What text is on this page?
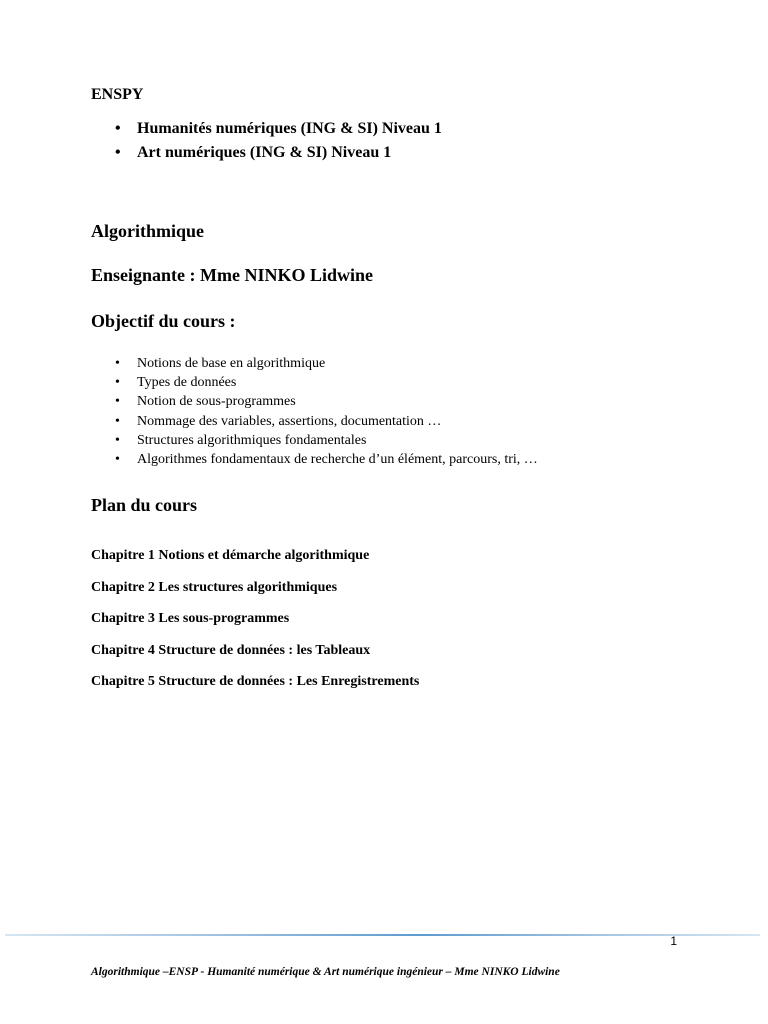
ENSPY

• Humanités numériques (ING & SI) Niveau 1
• Art numériques (ING & SI) Niveau 1
Algorithmique
Enseignante : Mme NINKO Lidwine
Objectif du cours :
• Notions de base en algorithmique
• Types de données
• Notion de sous-programmes
• Nommage des variables, assertions, documentation …
• Structures algorithmiques fondamentales
• Algorithmes fondamentaux de recherche d’un élément, parcours, tri, …
Plan du cours
Chapitre 1 Notions et démarche algorithmique
Chapitre 2 Les structures algorithmiques
Chapitre 3 Les sous-programmes
Chapitre 4 Structure de données : les Tableaux
Chapitre 5 Structure de données : Les Enregistrements

1

Algorithmique –ENSP - Humanité numérique & Art numérique ingénieur – Mme NINKO Lidwine
